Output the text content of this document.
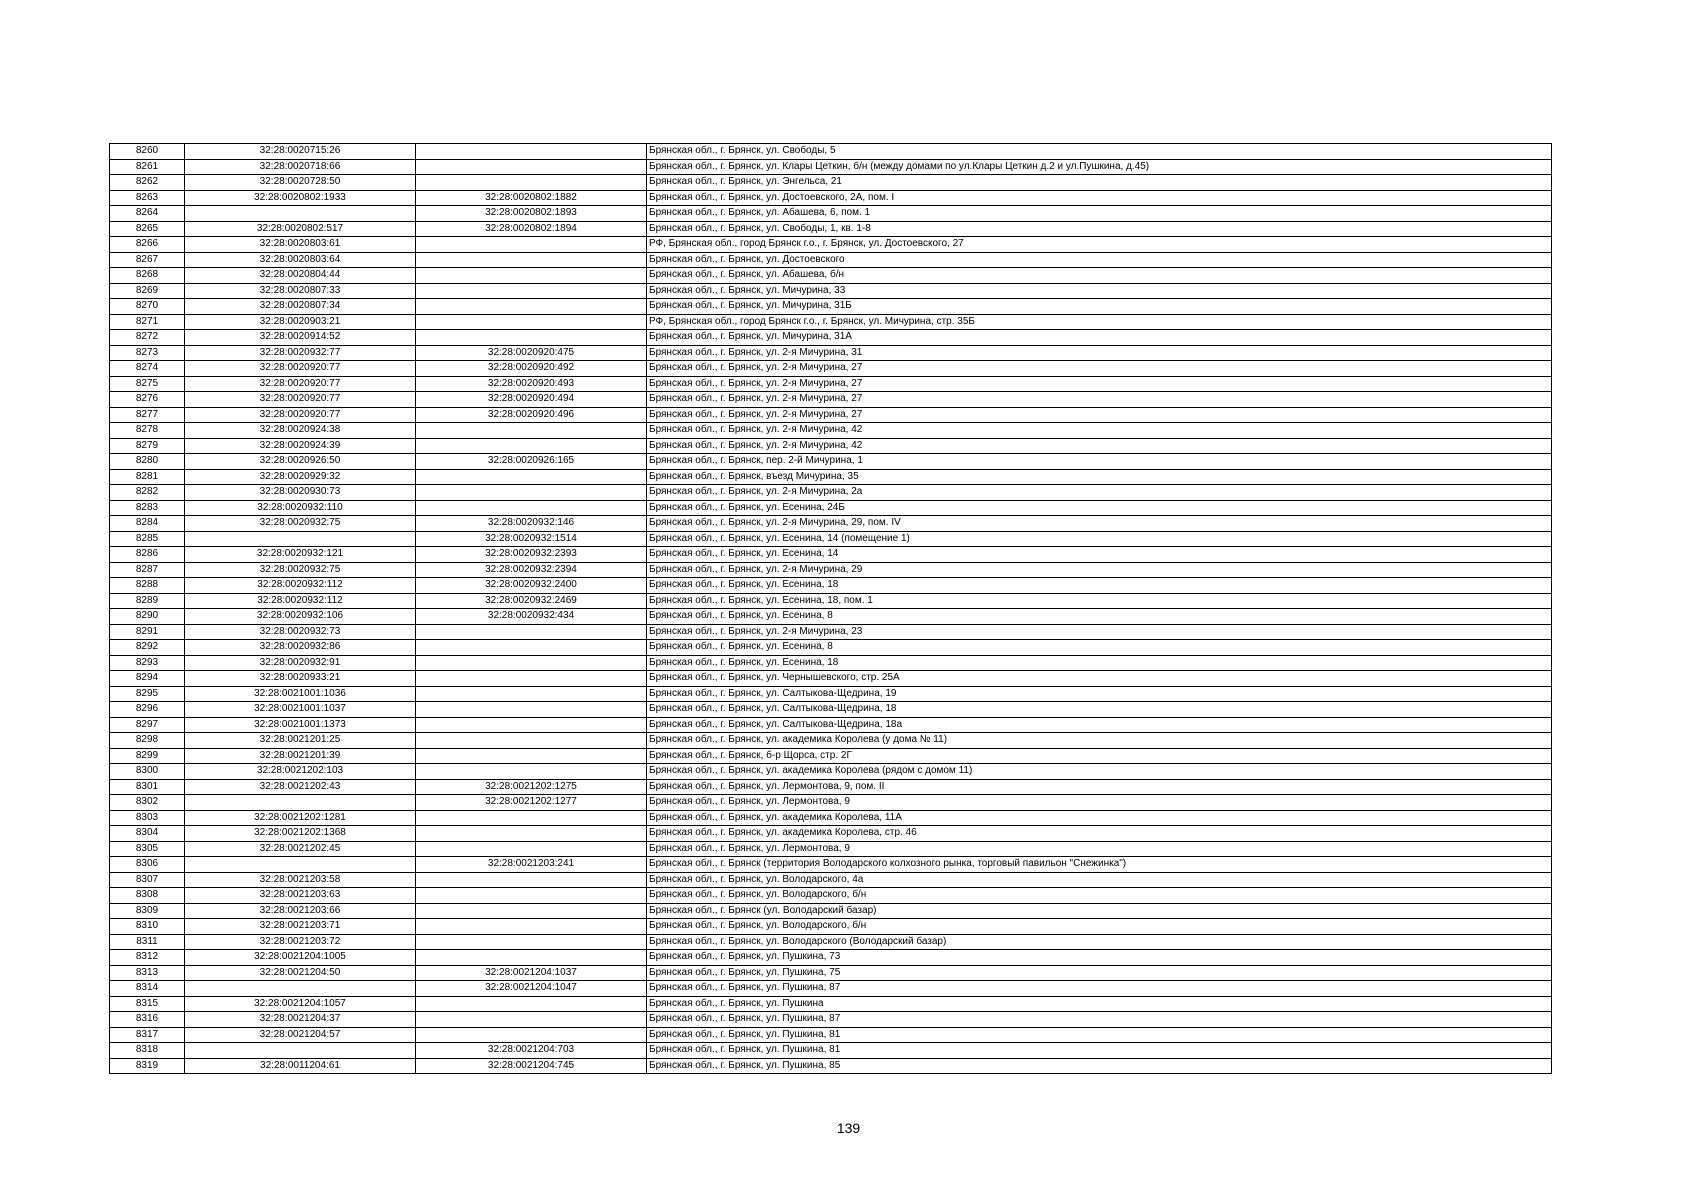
8260	32:28:0020715:26		Брянская обл., г. Брянск, ул. Свободы, 5
8261	32:28:0020718:66		Брянская обл., г. Брянск, ул. Клары Цеткин, б/н (между домами по ул.Клары Цеткин д.2 и ул.Пушкина, д.45)
8262	32:28:0020728:50		Брянская обл., г. Брянск, ул. Энгельса, 21
8263	32:28:0020802:1933	32:28:0020802:1882	Брянская обл., г. Брянск, ул. Достоевского, 2А, пом. I
8264		32:28:0020802:1893	Брянская обл., г. Брянск, ул. Абашева, 6, пом. 1
8265	32:28:0020802:517	32:28:0020802:1894	Брянская обл., г. Брянск, ул. Свободы, 1, кв. 1-8
8266	32:28:0020803:61		РФ, Брянская обл., город Брянск г.о., г. Брянск, ул. Достоевского, 27
8267	32:28:0020803:64		Брянская обл., г. Брянск, ул. Достоевского
8268	32:28:0020804:44		Брянская обл., г. Брянск, ул. Абашева, б/н
8269	32:28:0020807:33		Брянская обл., г. Брянск, ул. Мичурина, 33
8270	32:28:0020807:34		Брянская обл., г. Брянск, ул. Мичурина, 31Б
8271	32:28:0020903:21		РФ, Брянская обл., город Брянск г.о., г. Брянск, ул. Мичурина, стр. 35Б
8272	32:28:0020914:52		Брянская обл., г. Брянск, ул. Мичурина, 31А
8273	32:28:0020932:77	32:28:0020920:475	Брянская обл., г. Брянск, ул. 2-я Мичурина, 31
8274	32:28:0020920:77	32:28:0020920:492	Брянская обл., г. Брянск, ул. 2-я Мичурина, 27
8275	32:28:0020920:77	32:28:0020920:493	Брянская обл., г. Брянск, ул. 2-я Мичурина, 27
8276	32:28:0020920:77	32:28:0020920:494	Брянская обл., г. Брянск, ул. 2-я Мичурина, 27
8277	32:28:0020920:77	32:28:0020920:496	Брянская обл., г. Брянск, ул. 2-я Мичурина, 27
8278	32:28:0020924:38		Брянская обл., г. Брянск, ул. 2-я Мичурина, 42
8279	32:28:0020924:39		Брянская обл., г. Брянск, ул. 2-я Мичурина, 42
8280	32:28:0020926:50	32:28:0020926:165	Брянская обл., г. Брянск, пер. 2-й Мичурина, 1
8281	32:28:0020929:32		Брянская обл., г. Брянск, въезд Мичурина, 35
8282	32:28:0020930:73		Брянская обл., г. Брянск, ул. 2-я Мичурина, 2а
8283	32:28:0020932:110		Брянская обл., г. Брянск, ул. Есенина, 24Б
8284	32:28:0020932:75	32:28:0020932:146	Брянская обл., г. Брянск, ул. 2-я Мичурина, 29, пом. IV
8285		32:28:0020932:1514	Брянская обл., г. Брянск, ул. Есенина, 14 (помещение 1)
8286	32:28:0020932:121	32:28:0020932:2393	Брянская обл., г. Брянск, ул. Есенина, 14
8287	32:28:0020932:75	32:28:0020932:2394	Брянская обл., г. Брянск, ул. 2-я Мичурина, 29
8288	32:28:0020932:112	32:28:0020932:2400	Брянская обл., г. Брянск, ул. Есенина, 18
8289	32:28:0020932:112	32:28:0020932:2469	Брянская обл., г. Брянск, ул. Есенина, 18, пом. 1
8290	32:28:0020932:106	32:28:0020932:434	Брянская обл., г. Брянск, ул. Есенина, 8
8291	32:28:0020932:73		Брянская обл., г. Брянск, ул. 2-я Мичурина, 23
8292	32:28:0020932:86		Брянская обл., г. Брянск, ул. Есенина, 8
8293	32:28:0020932:91		Брянская обл., г. Брянск, ул. Есенина, 18
8294	32:28:0020933:21		Брянская обл., г. Брянск, ул. Чернышевского, стр. 25А
8295	32:28:0021001:1036		Брянская обл., г. Брянск, ул. Салтыкова-Щедрина, 19
8296	32:28:0021001:1037		Брянская обл., г. Брянск, ул. Салтыкова-Щедрина, 18
8297	32:28:0021001:1373		Брянская обл., г. Брянск, ул. Салтыкова-Щедрина, 18а
8298	32:28:0021201:25		Брянская обл., г. Брянск, ул. академика Королева (у дома № 11)
8299	32:28:0021201:39		Брянская обл., г. Брянск, б-р Щорса, стр. 2Г
8300	32:28:0021202:103		Брянская обл., г. Брянск, ул. академика Королева (рядом с домом 11)
8301	32:28:0021202:43	32:28:0021202:1275	Брянская обл., г. Брянск, ул. Лермонтова, 9, пом. II
8302		32:28:0021202:1277	Брянская обл., г. Брянск, ул. Лермонтова, 9
8303	32:28:0021202:1281		Брянская обл., г. Брянск, ул. академика Королева, 11А
8304	32:28:0021202:1368		Брянская обл., г. Брянск, ул. академика Королева, стр. 46
8305	32:28:0021202:45		Брянская обл., г. Брянск, ул. Лермонтова, 9
8306		32:28:0021203:241	Брянская обл., г. Брянск (территория Володарского колхозного рынка, торговый павильон "Снежинка")
8307	32:28:0021203:58		Брянская обл., г. Брянск, ул. Володарского, 4а
8308	32:28:0021203:63		Брянская обл., г. Брянск, ул. Володарского, б/н
8309	32:28:0021203:66		Брянская обл., г. Брянск (ул. Володарский базар)
8310	32:28:0021203:71		Брянская обл., г. Брянск, ул. Володарского, б/н
8311	32:28:0021203:72		Брянская обл., г. Брянск, ул. Володарского (Володарский базар)
8312	32:28:0021204:1005		Брянская обл., г. Брянск, ул. Пушкина, 73
8313	32:28:0021204:50	32:28:0021204:1037	Брянская обл., г. Брянск, ул. Пушкина, 75
8314		32:28:0021204:1047	Брянская обл., г. Брянск, ул. Пушкина, 87
8315	32:28:0021204:1057		Брянская обл., г. Брянск, ул. Пушкина
8316	32:28:0021204:37		Брянская обл., г. Брянск, ул. Пушкина, 87
8317	32:28:0021204:57		Брянская обл., г. Брянск, ул. Пушкина, 81
8318		32:28:0021204:703	Брянская обл., г. Брянск, ул. Пушкина, 81
8319	32:28:0011204:61	32:28:0021204:745	Брянская обл., г. Брянск, ул. Пушкина, 85
139
